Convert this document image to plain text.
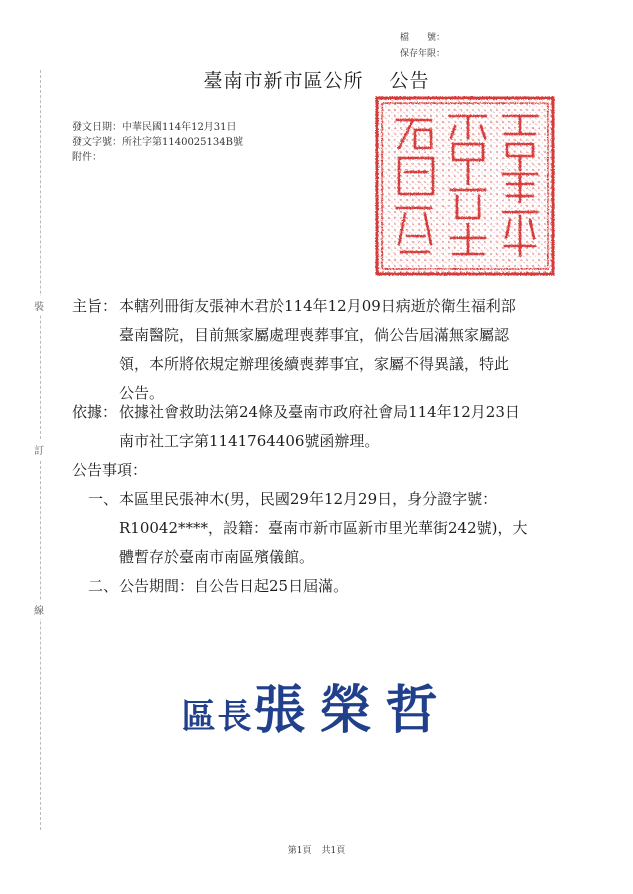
檔　　號：
保存年限：
臺南市新市區公所 公告
發文日期：中華民國114年12月31日
發文字號：所社字第1140025134B號
附件：
裝
訂
線
主旨： 本轄列冊街友張神木君於114年12月09日病逝於衛生福利部
臺南醫院，目前無家屬處理喪葬事宜，倘公告屆滿無家屬認
領，本所將依規定辦理後續喪葬事宜，家屬不得異議，特此
公告。
依據： 依據社會救助法第24條及臺南市政府社會局114年12月23日
南市社工字第1141764406號函辦理。
公告事項：
一、 本區里民張神木(男，民國29年12月29日，身分證字號：
R10042****，設籍：臺南市新市區新市里光華街242號)，大
體暫存於臺南市南區殯儀館。
二、 公告期間：自公告日起25日屆滿。
區長張榮哲
第1頁 共1頁
